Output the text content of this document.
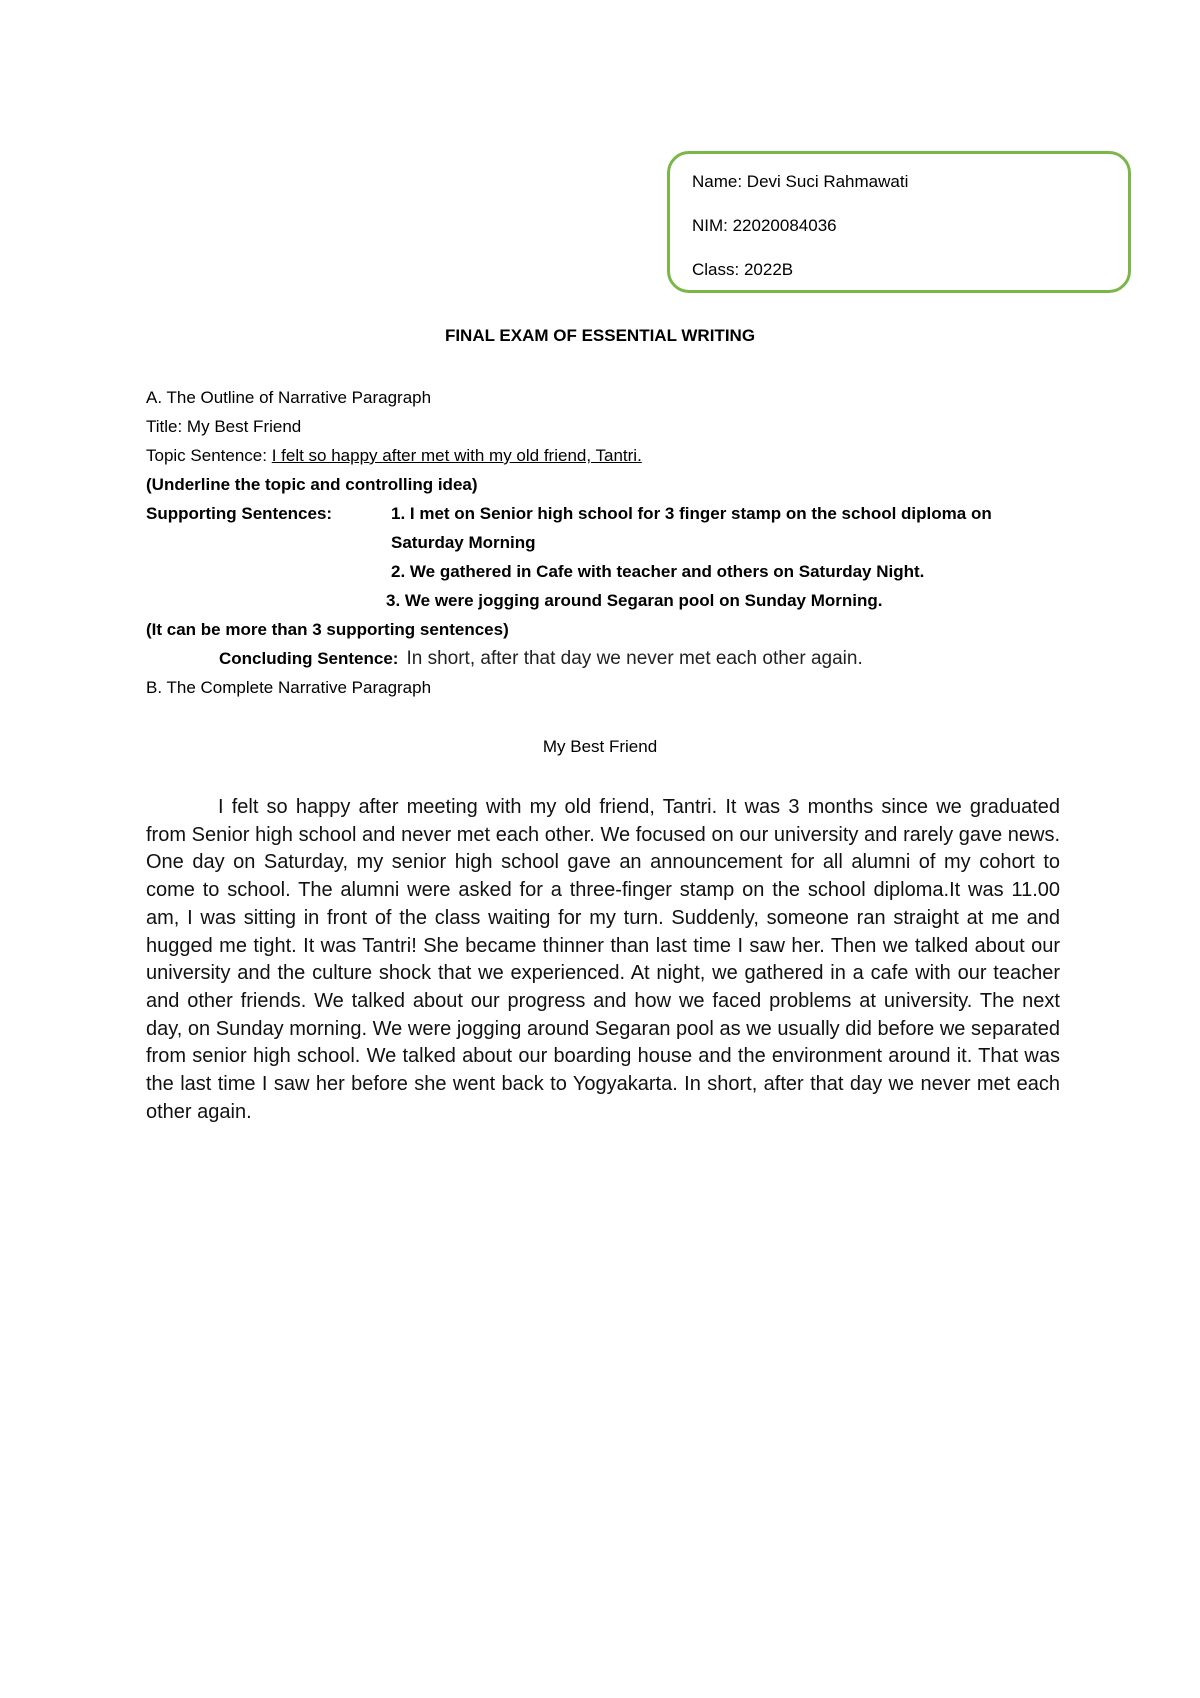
Name: Devi Suci Rahmawati
NIM: 22020084036
Class: 2022B
FINAL EXAM OF ESSENTIAL WRITING
A. The Outline of Narrative Paragraph
Title: My Best Friend
Topic Sentence: I felt so happy after met with my old friend, Tantri.
(Underline the topic and controlling idea)
Supporting Sentences:	1. I met on Senior high school for 3 finger stamp on the school diploma on
Saturday Morning
2. We gathered in Cafe with teacher and others on Saturday Night.
3. We were jogging around Segaran pool on Sunday Morning.
(It can be more than 3 supporting sentences)
Concluding Sentence: In short, after that day we never met each other again.
B. The Complete Narrative Paragraph
My Best Friend

I felt so happy after meeting with my old friend, Tantri. It was 3 months since we graduated from Senior high school and never met each other. We focused on our university and rarely gave news. One day on Saturday, my senior high school gave an announcement for all alumni of my cohort to come to school. The alumni were asked for a three-finger stamp on the school diploma.It was 11.00 am, I was sitting in front of the class waiting for my turn. Suddenly, someone ran straight at me and hugged me tight. It was Tantri! She became thinner than last time I saw her. Then we talked about our university and the culture shock that we experienced. At night, we gathered in a cafe with our teacher and other friends. We talked about our progress and how we faced problems at university. The next day, on Sunday morning. We were jogging around Segaran pool as we usually did before we separated from senior high school. We talked about our boarding house and the environment around it. That was the last time I saw her before she went back to Yogyakarta. In short, after that day we never met each other again.
